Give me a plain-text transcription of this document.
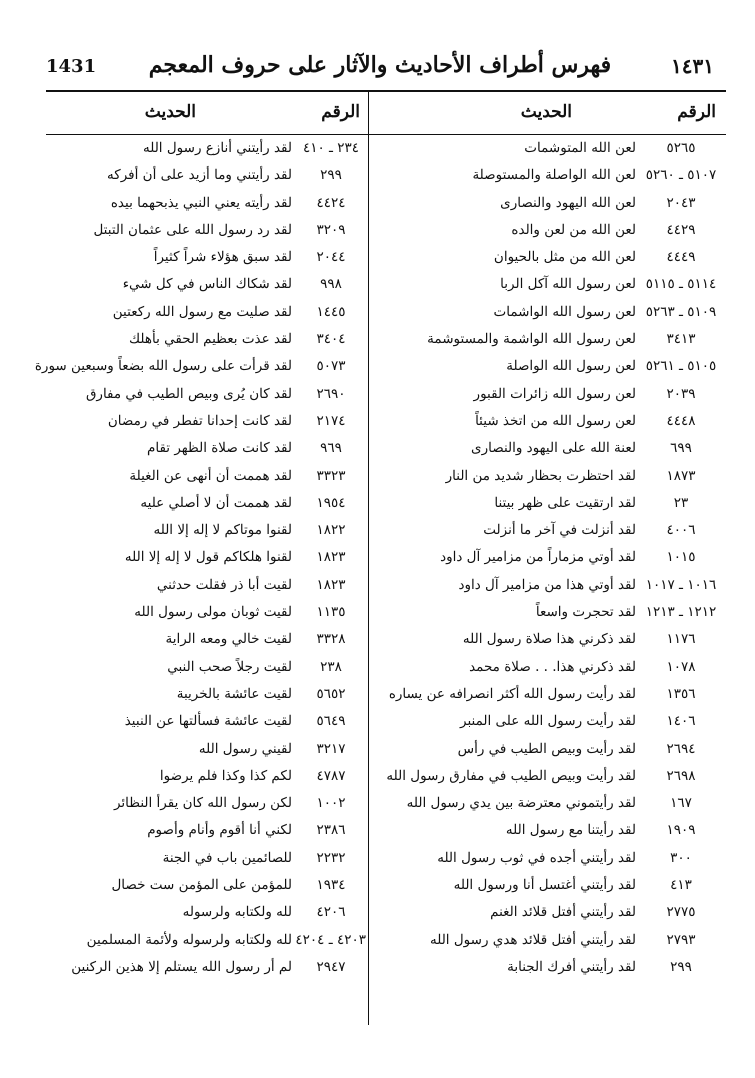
1431	فهرس أطراف الأحاديث والآثار على حروف المعجم	١٤٣١
الرقم
الحديث
٥٢٦٥
لعن الله المتوشمات
٥١٠٧ ـ ٥٢٦٠
لعن الله الواصلة والمستوصلة
٢٠٤٣
لعن الله اليهود والنصارى
٤٤٢٩
لعن الله من لعن والده
٤٤٤٩
لعن الله من مثل بالحيوان
٥١١٤ ـ ٥١١٥
لعن رسول الله آكل الربا
٥١٠٩ ـ ٥٢٦٣
لعن رسول الله الواشمات
٣٤١٣
لعن رسول الله الواشمة والمستوشمة
٥١٠٥ ـ ٥٢٦١
لعن رسول الله الواصلة
٢٠٣٩
لعن رسول الله زائرات القبور
٤٤٤٨
لعن رسول الله من اتخذ شيئاً
٦٩٩
لعنة الله على اليهود والنصارى
١٨٧٣
لقد احتظرت بحظار شديد من النار
٢٣
لقد ارتقيت على ظهر بيتنا
٤٠٠٦
لقد أنزلت في آخر ما أنزلت
١٠١٥
لقد أوتي مزماراً من مزامير آل داود
١٠١٦ ـ ١٠١٧
لقد أوتي هذا من مزامير آل داود
١٢١٢ ـ ١٢١٣
لقد تحجرت واسعاً
١١٧٦
لقد ذكرني هذا صلاة رسول الله
١٠٧٨
لقد ذكرني هذا. . . صلاة محمد
١٣٥٦
لقد رأيت رسول الله أكثر انصرافه عن يساره
١٤٠٦
لقد رأيت رسول الله على المنبر
٢٦٩٤
لقد رأيت وبيص الطيب في رأس
٢٦٩٨
لقد رأيت وبيص الطيب في مفارق رسول الله
١٦٧
لقد رأيتموني معترضة بين يدي رسول الله
١٩٠٩
لقد رأيتنا مع رسول الله
٣٠٠
لقد رأيتني أجده في ثوب رسول الله
٤١٣
لقد رأيتني أغتسل أنا ورسول الله
٢٧٧٥
لقد رأيتني أفتل قلائد الغنم
٢٧٩٣
لقد رأيتني أفتل قلائد هدي رسول الله
٢٩٩
لقد رأيتني أفرك الجنابة
الرقم
الحديث
٢٣٤ ـ ٤١٠
لقد رأيتني أنازع رسول الله
٢٩٩
لقد رأيتني وما أزيد على أن أفركه
٤٤٢٤
لقد رأيته يعني النبي يذبحهما بيده
٣٢٠٩
لقد رد رسول الله على عثمان التبتل
٢٠٤٤
لقد سبق هؤلاء شراً كثيراً
٩٩٨
لقد شكاك الناس في كل شيء
١٤٤٥
لقد صليت مع رسول الله ركعتين
٣٤٠٤
لقد عذت بعظيم الحقي بأهلك
٥٠٧٣
لقد قرأت على رسول الله بضعاً وسبعين سورة
٢٦٩٠
لقد كان يُرى وبيص الطيب في مفارق
٢١٧٤
لقد كانت إحدانا تفطر في رمضان
٩٦٩
لقد كانت صلاة الظهر تقام
٣٣٢٣
لقد هممت أن أنهى عن الغيلة
١٩٥٤
لقد هممت أن لا أصلي عليه
١٨٢٢
لقنوا موتاكم لا إله إلا الله
١٨٢٣
لقنوا هلكاكم قول لا إله إلا الله
١٨٢٣
لقيت أبا ذر فقلت حدثني
١١٣٥
لقيت ثوبان مولى رسول الله
٣٣٢٨
لقيت خالي ومعه الراية
٢٣٨
لقيت رجلاً صحب النبي
٥٦٥٢
لقيت عائشة بالخريبة
٥٦٤٩
لقيت عائشة فسألتها عن النبيذ
٣٢١٧
لقيني رسول الله
٤٧٨٧
لكم كذا وكذا فلم يرضوا
١٠٠٢
لكن رسول الله كان يقرأ النظائر
٢٣٨٦
لكني أنا أقوم وأنام وأصوم
٢٢٣٢
للصائمين باب في الجنة
١٩٣٤
للمؤمن على المؤمن ست خصال
٤٢٠٦
لله ولكتابه ولرسوله
٤٢٠٣ ـ ٤٢٠٤
لله ولكتابه ولرسوله ولأئمة المسلمين
٢٩٤٧
لم أر رسول الله يستلم إلا هذين الركنين
